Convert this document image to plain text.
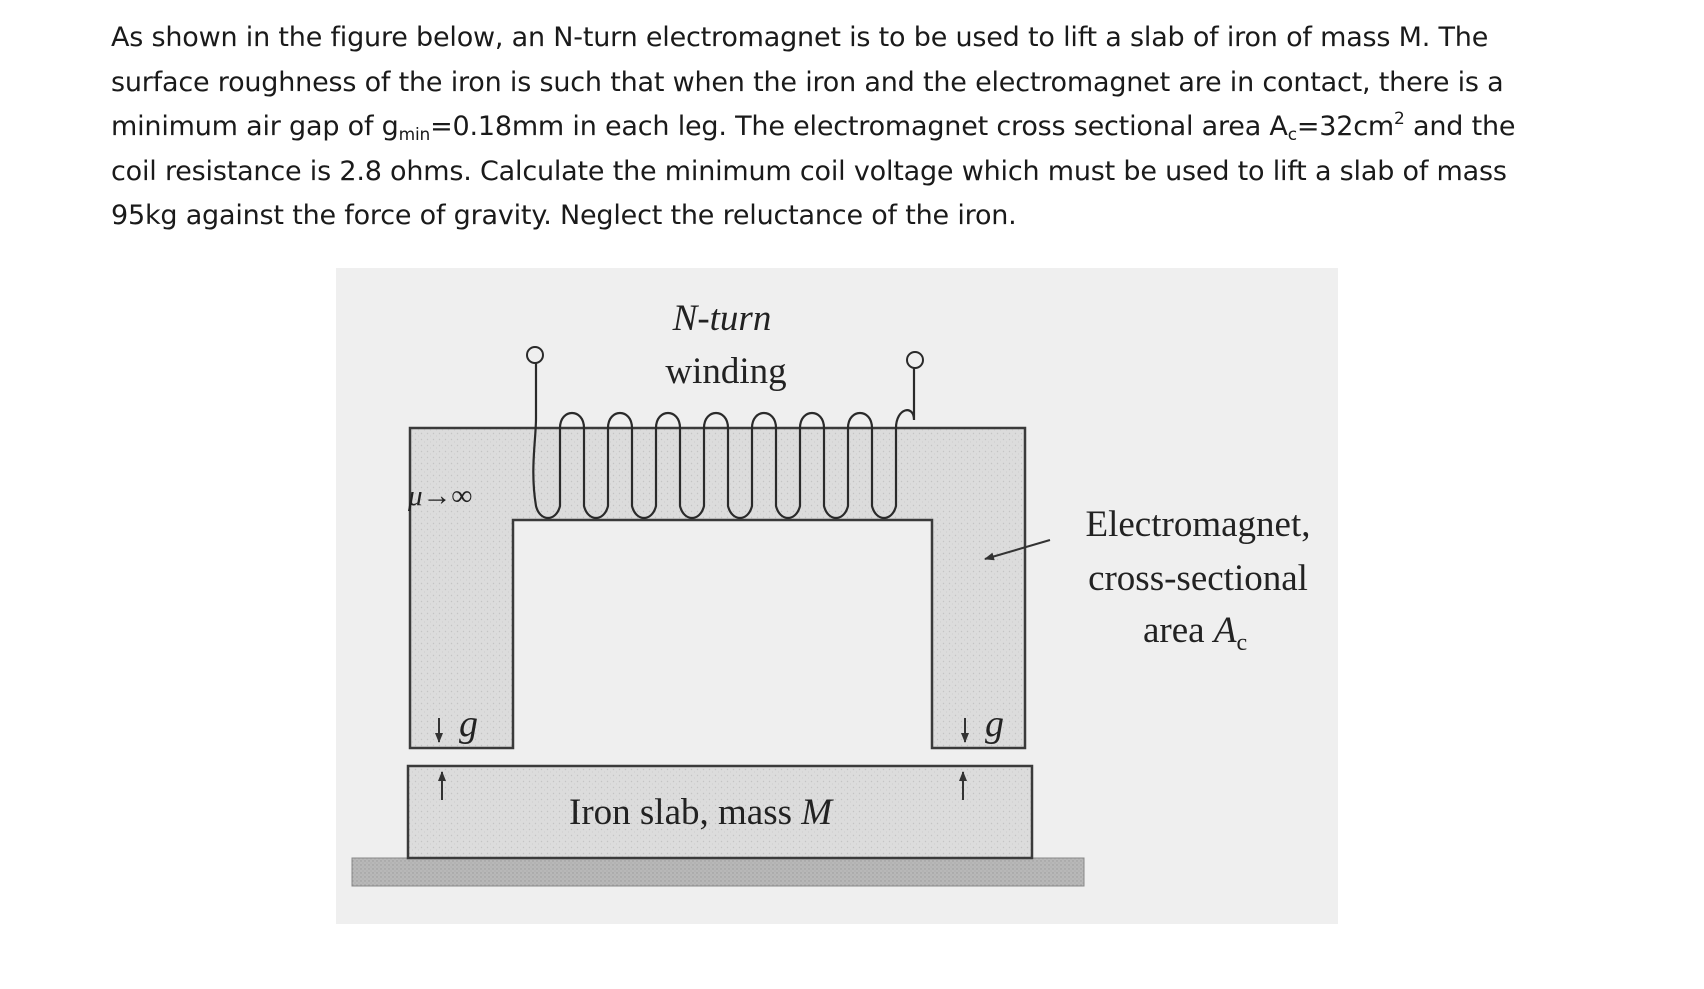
As shown in the figure below, an N-turn electromagnet is to be used to lift a slab of iron of mass M. The
surface roughness of the iron is such that when the iron and the electromagnet are in contact, there is a
minimum air gap of $g_{min}=0.18mm$ in each leg. The electromagnet cross sectional area $A_c=32cm^2$ and the
coil resistance is 2.8 ohms. Calculate the minimum coil voltage which must be used to lift a slab of mass
95kg against the force of gravity. Neglect the reluctance of the iron.
N-turn
winding
μ→∞
g	g
Iron slab, mass M
Electromagnet,
cross-sectional
area $A_c$
